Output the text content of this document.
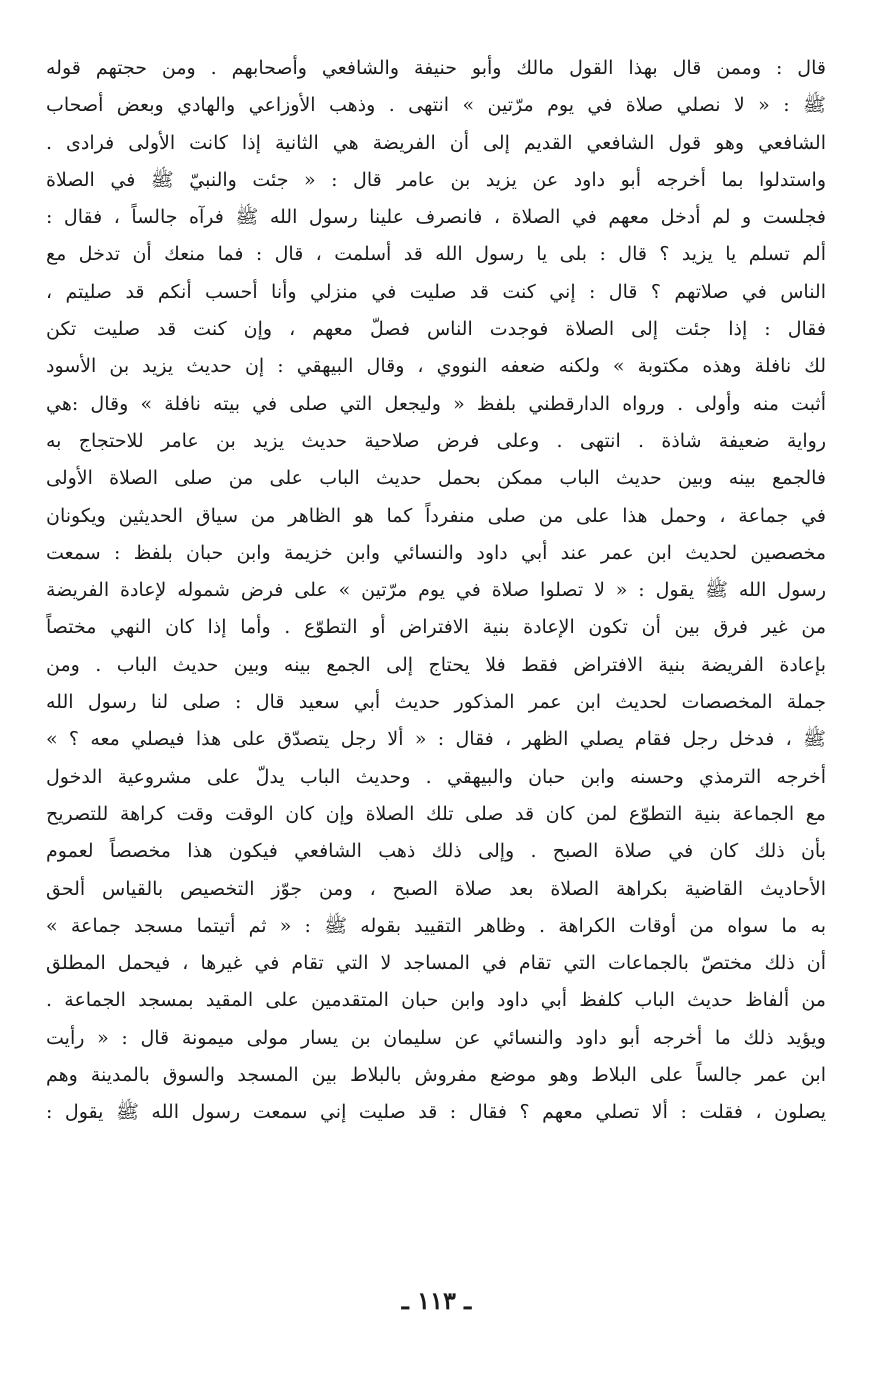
قال : وممن قال بهذا القول مالك وأبو حنيفة والشافعي وأصحابهم . ومن حجتهم قوله
ﷺ : « لا نصلي صلاة في يوم مرّتين » انتهى . وذهب الأوزاعي والهادي وبعض أصحاب
الشافعي وهو قول الشافعي القديم إلى أن الفريضة هي الثانية إذا كانت الأولى فرادى .
واستدلوا بما أخرجه أبو داود عن يزيد بن عامر قال : « جئت والنبيّ ﷺ في الصلاة
فجلست و لم أدخل معهم في الصلاة ، فانصرف علينا رسول الله ﷺ فرآه جالساً ، فقال :
ألم تسلم يا يزيد ؟ قال : بلى يا رسول الله قد أسلمت ، قال : فما منعك أن تدخل مع
الناس في صلاتهم ؟ قال : إني كنت قد صليت في منزلي وأنا أحسب أنكم قد صليتم ،
فقال : إذا جئت إلى الصلاة فوجدت الناس فصلّ معهم ، وإن كنت قد صليت تكن
لك نافلة وهذه مكتوبة » ولكنه ضعفه النووي ، وقال البيهقي : إن حديث يزيد بن الأسود
أثبت منه وأولى . ورواه الدارقطني بلفظ « وليجعل التي صلى في بيته نافلة » وقال :هي
رواية ضعيفة شاذة . انتهى . وعلى فرض صلاحية حديث يزيد بن عامر للاحتجاج به
فالجمع بينه وبين حديث الباب ممكن بحمل حديث الباب على من صلى الصلاة الأولى
في جماعة ، وحمل هذا على من صلى منفرداً كما هو الظاهر من سياق الحديثين ويكونان
مخصصين لحديث ابن عمر عند أبي داود والنسائي وابن خزيمة وابن حبان بلفظ : سمعت
رسول الله ﷺ يقول : « لا تصلوا صلاة في يوم مرّتين » على فرض شموله لإعادة الفريضة
من غير فرق بين أن تكون الإعادة بنية الافتراض أو التطوّع . وأما إذا كان النهي مختصاً
بإعادة الفريضة بنية الافتراض فقط فلا يحتاج إلى الجمع بينه وبين حديث الباب . ومن
جملة المخصصات لحديث ابن عمر المذكور حديث أبي سعيد قال : صلى لنا رسول الله
ﷺ ، فدخل رجل فقام يصلي الظهر ، فقال : « ألا رجل يتصدّق على هذا فيصلي معه ؟ »
أخرجه الترمذي وحسنه وابن حبان والبيهقي . وحديث الباب يدلّ على مشروعية الدخول
مع الجماعة بنية التطوّع لمن كان قد صلى تلك الصلاة وإن كان الوقت وقت كراهة للتصريح
بأن ذلك كان في صلاة الصبح . وإلى ذلك ذهب الشافعي فيكون هذا مخصصاً لعموم
الأحاديث القاضية بكراهة الصلاة بعد صلاة الصبح ، ومن جوّز التخصيص بالقياس ألحق
به ما سواه من أوقات الكراهة . وظاهر التقييد بقوله ﷺ : « ثم أتيتما مسجد جماعة »
أن ذلك مختصّ بالجماعات التي تقام في المساجد لا التي تقام في غيرها ، فيحمل المطلق
من ألفاظ حديث الباب كلفظ أبي داود وابن حبان المتقدمين على المقيد بمسجد الجماعة .
ويؤيد ذلك ما أخرجه أبو داود والنسائي عن سليمان بن يسار مولى ميمونة قال : « رأيت
ابن عمر جالساً على البلاط وهو موضع مفروش بالبلاط بين المسجد والسوق بالمدينة وهم
يصلون ، فقلت : ألا تصلي معهم ؟ فقال : قد صليت إني سمعت رسول الله ﷺ يقول :
ـ ١١٣ ـ
